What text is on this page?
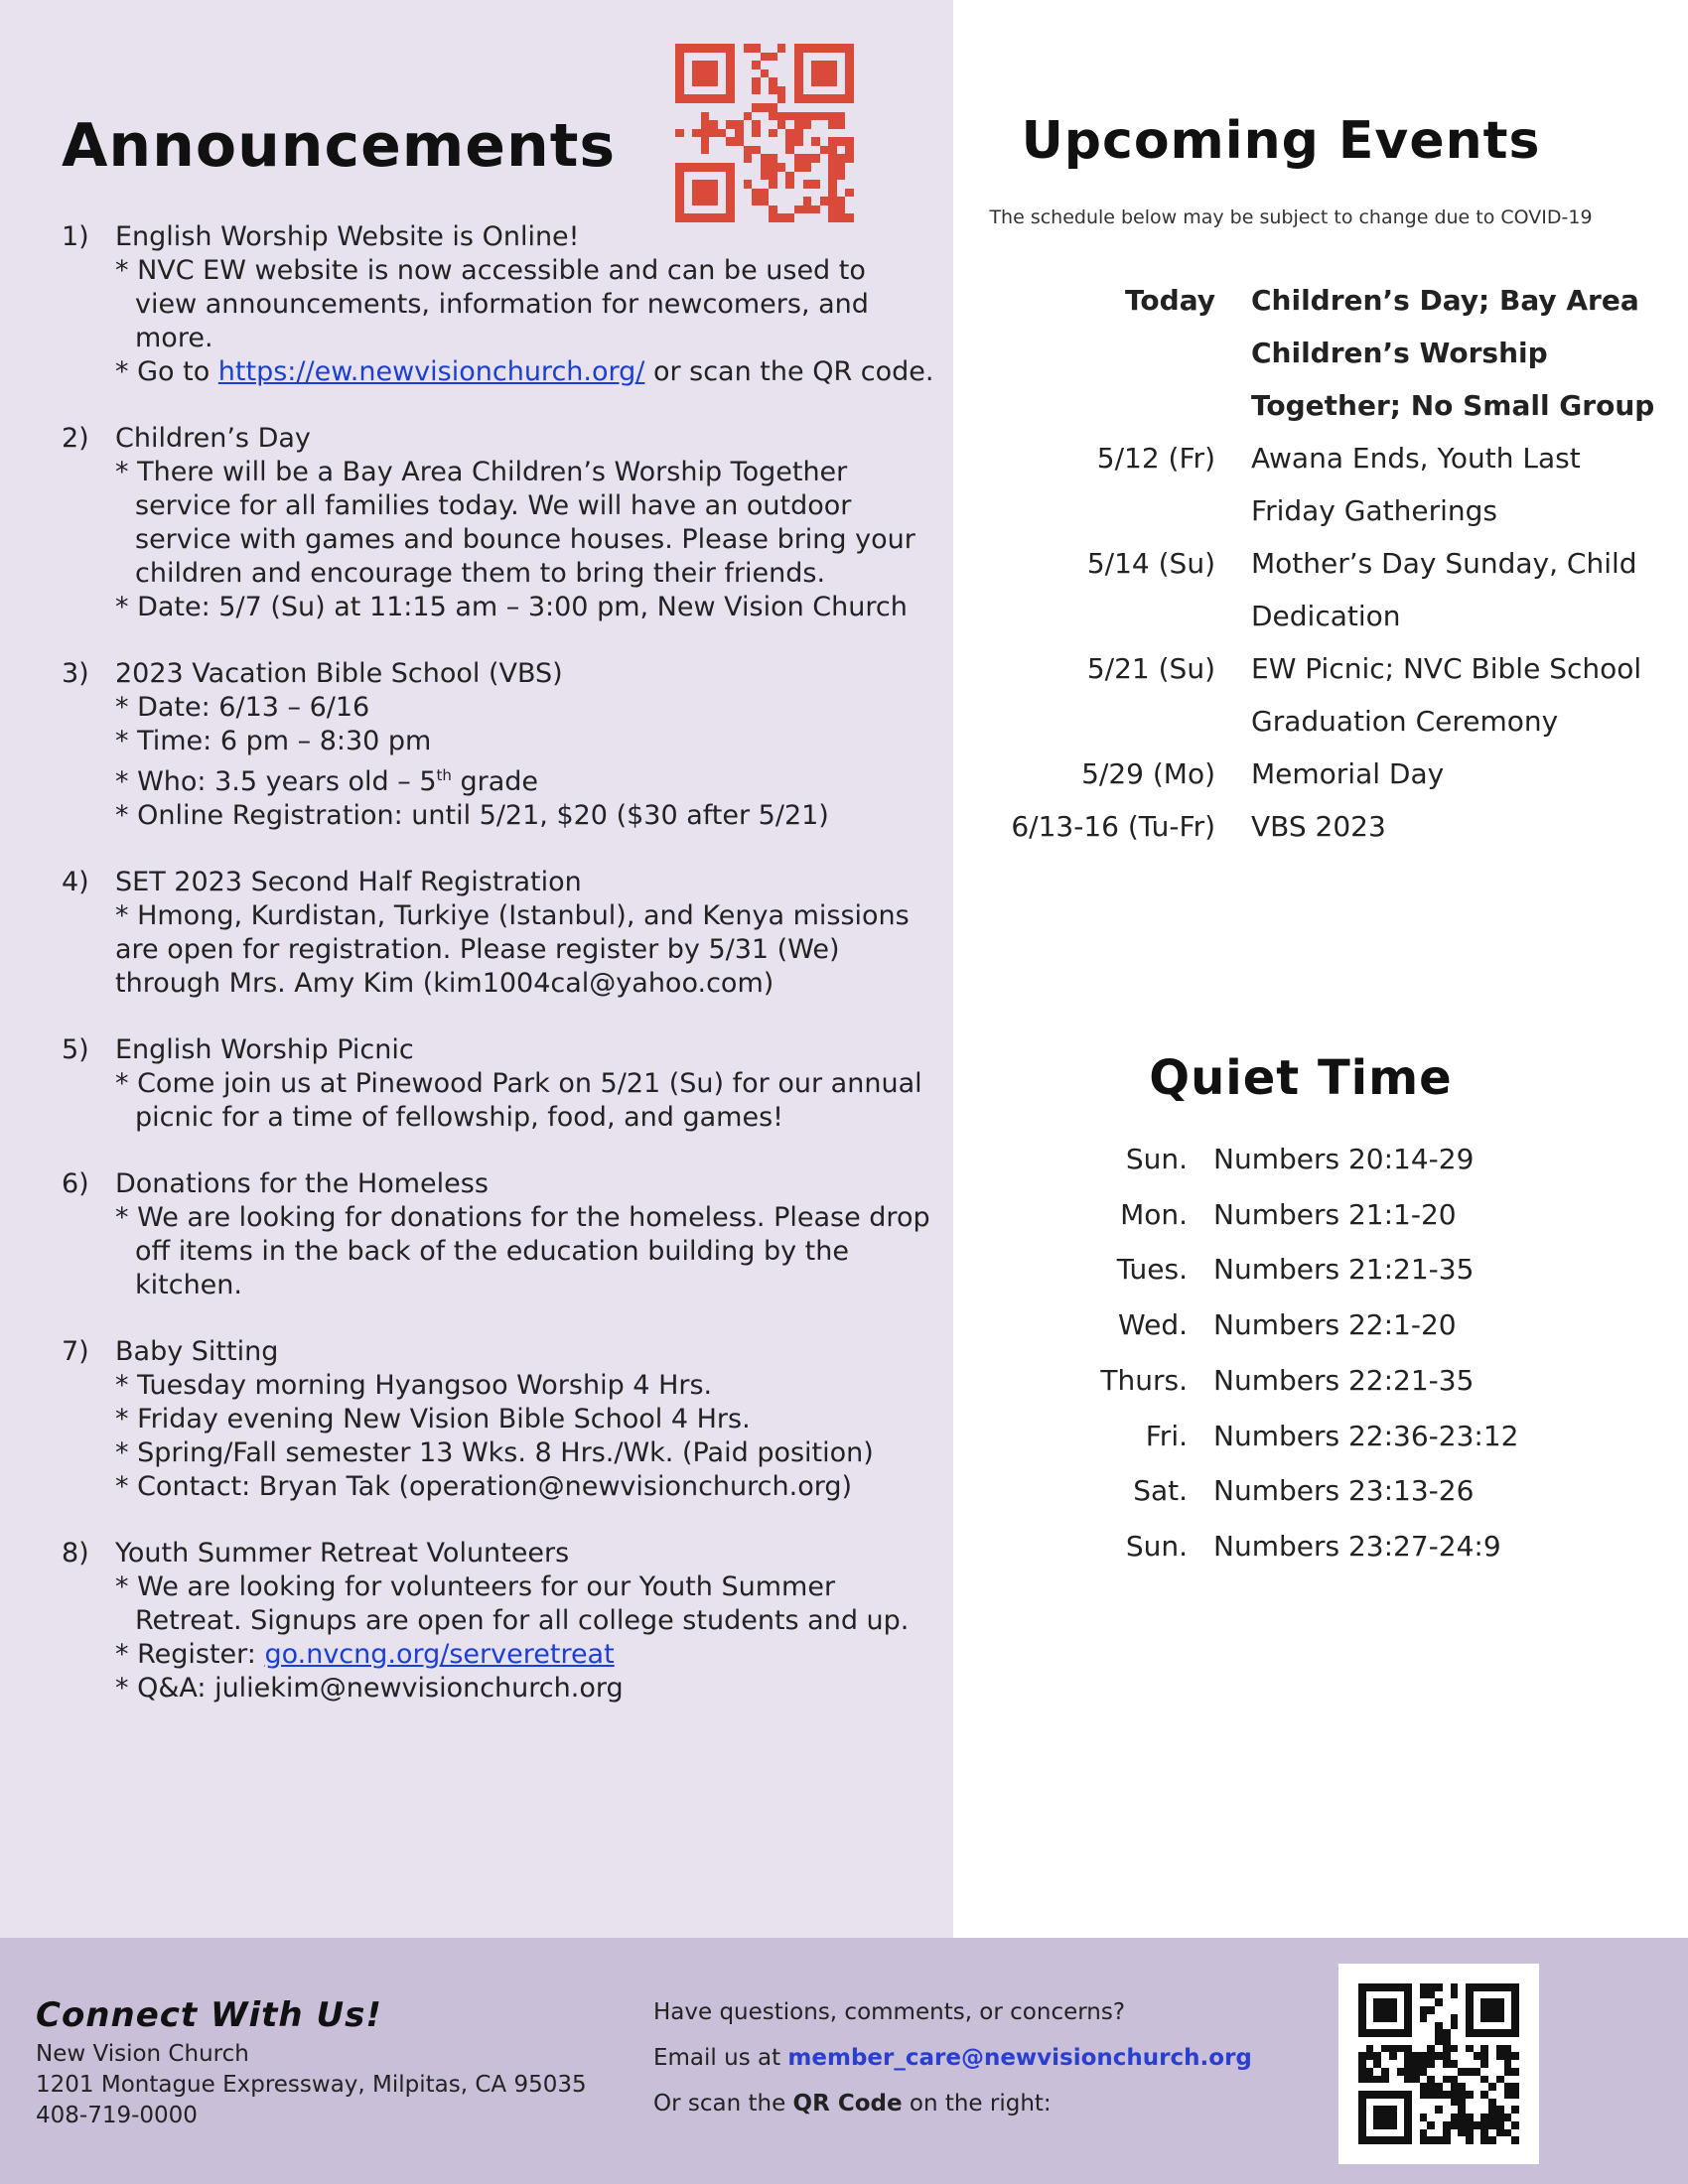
Announcements
1) English Worship Website is Online!
* NVC EW website is now accessible and can be used to view announcements, information for newcomers, and more.
* Go to https://ew.newvisionchurch.org/ or scan the QR code.
2) Children’s Day
* There will be a Bay Area Children’s Worship Together service for all families today. We will have an outdoor service with games and bounce houses. Please bring your children and encourage them to bring their friends.
* Date: 5/7 (Su) at 11:15 am – 3:00 pm, New Vision Church
3) 2023 Vacation Bible School (VBS)
* Date: 6/13 – 6/16
* Time: 6 pm – 8:30 pm
* Who: 3.5 years old – 5th grade
* Online Registration: until 5/21, $20 ($30 after 5/21)
4) SET 2023 Second Half Registration
* Hmong, Kurdistan, Turkiye (Istanbul), and Kenya missions are open for registration. Please register by 5/31 (We) through Mrs. Amy Kim (kim1004cal@yahoo.com)
5) English Worship Picnic
* Come join us at Pinewood Park on 5/21 (Su) for our annual picnic for a time of fellowship, food, and games!
6) Donations for the Homeless
* We are looking for donations for the homeless. Please drop off items in the back of the education building by the kitchen.
7) Baby Sitting
* Tuesday morning Hyangsoo Worship 4 Hrs.
* Friday evening New Vision Bible School 4 Hrs.
* Spring/Fall semester 13 Wks. 8 Hrs./Wk. (Paid position)
* Contact: Bryan Tak (operation@newvisionchurch.org)
8) Youth Summer Retreat Volunteers
* We are looking for volunteers for our Youth Summer Retreat. Signups are open for all college students and up.
* Register: go.nvcng.org/serveretreat
* Q&A: juliekim@newvisionchurch.org
Upcoming Events
The schedule below may be subject to change due to COVID-19
Today	Children’s Day; Bay Area Children’s Worship Together; No Small Group
5/12 (Fr)	Awana Ends, Youth Last Friday Gatherings
5/14 (Su)	Mother’s Day Sunday, Child Dedication
5/21 (Su)	EW Picnic; NVC Bible School Graduation Ceremony
5/29 (Mo)	Memorial Day
6/13-16 (Tu-Fr)	VBS 2023
Quiet Time
Sun.	Numbers 20:14-29
Mon.	Numbers 21:1-20
Tues.	Numbers 21:21-35
Wed.	Numbers 22:1-20
Thurs.	Numbers 22:21-35
Fri.	Numbers 22:36-23:12
Sat.	Numbers 23:13-26
Sun.	Numbers 23:27-24:9
Connect With Us!
New Vision Church
1201 Montague Expressway, Milpitas, CA 95035
408-719-0000
Have questions, comments, or concerns?
Email us at member_care@newvisionchurch.org
Or scan the QR Code on the right:
